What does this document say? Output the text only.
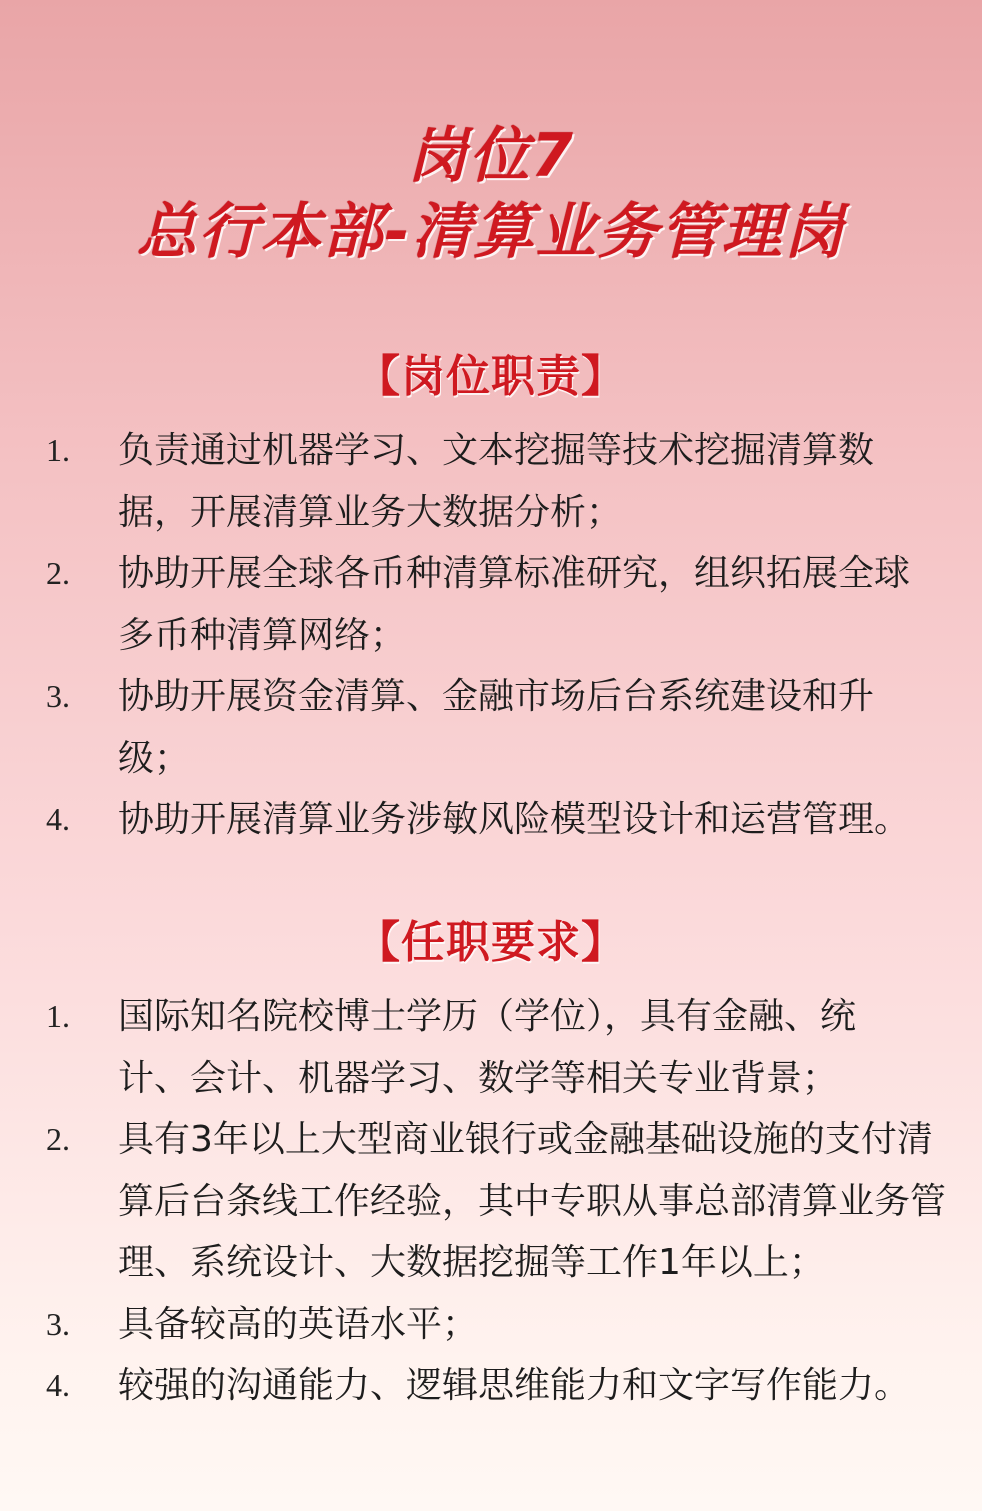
岗位7
总行本部-清算业务管理岗
【岗位职责】
1. 负责通过机器学习、文本挖掘等技术挖掘清算数据，开展清算业务大数据分析；
2. 协助开展全球各币种清算标准研究，组织拓展全球多币种清算网络；
3. 协助开展资金清算、金融市场后台系统建设和升级；
4. 协助开展清算业务涉敏风险模型设计和运营管理。
【任职要求】
1. 国际知名院校博士学历（学位），具有金融、统计、会计、机器学习、数学等相关专业背景；
2. 具有3年以上大型商业银行或金融基础设施的支付清算后台条线工作经验，其中专职从事总部清算业务管理、系统设计、大数据挖掘等工作1年以上；
3. 具备较高的英语水平；
4. 较强的沟通能力、逻辑思维能力和文字写作能力。
